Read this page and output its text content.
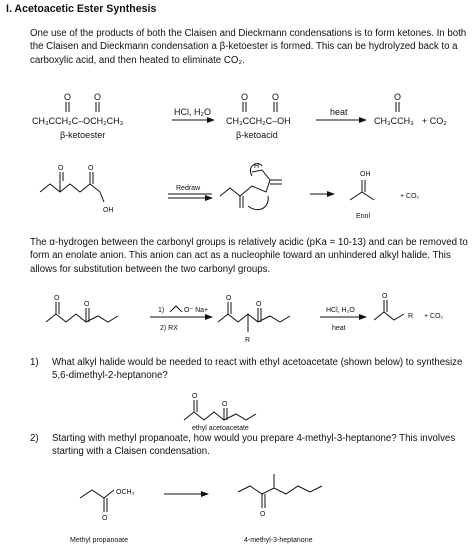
I. Acetoacetic Ester Synthesis
One use of the products of both the Claisen and Dieckmann condensations is to form ketones. In both the Claisen and Dieckmann condensation a β-ketoester is formed. This can be hydrolyzed back to a carboxylic acid, and then heated to eliminate CO₂.
The α-hydrogen between the carbonyl groups is relatively acidic (pKa = 10-13) and can be removed to form an enolate anion. This anion can act as a nucleophile toward an unhindered alkyl halide. This allows for substitution between the two carbonyl groups.
1) What alkyl halide would be needed to react with ethyl acetoacetate (shown below) to synthesize 5,6-dimethyl-2-heptanone?
2) Starting with methyl propanoate, how would you prepare 4-methyl-3-heptanone? This involves starting with a Claisen condensation.
O	O
CH₃CCH₂C–OCH₂CH₃
β-ketoester
HCl, H₂O
O	O
CH₃CCH₂C–OH
β-ketoacid
heat
O
CH₃CCH₃ + CO₂
O	O
OH
Redraw
H
OH
Enol
+ CO₂
O
O
1)	O⁻ Na+
2) RX
O
O
R
HCl, H₂O
heat
O
R + CO₂
O
O
ethyl acetoacetate
OCH₃
O
Methyl propanoate
O
4-methyl-3-heptanone
